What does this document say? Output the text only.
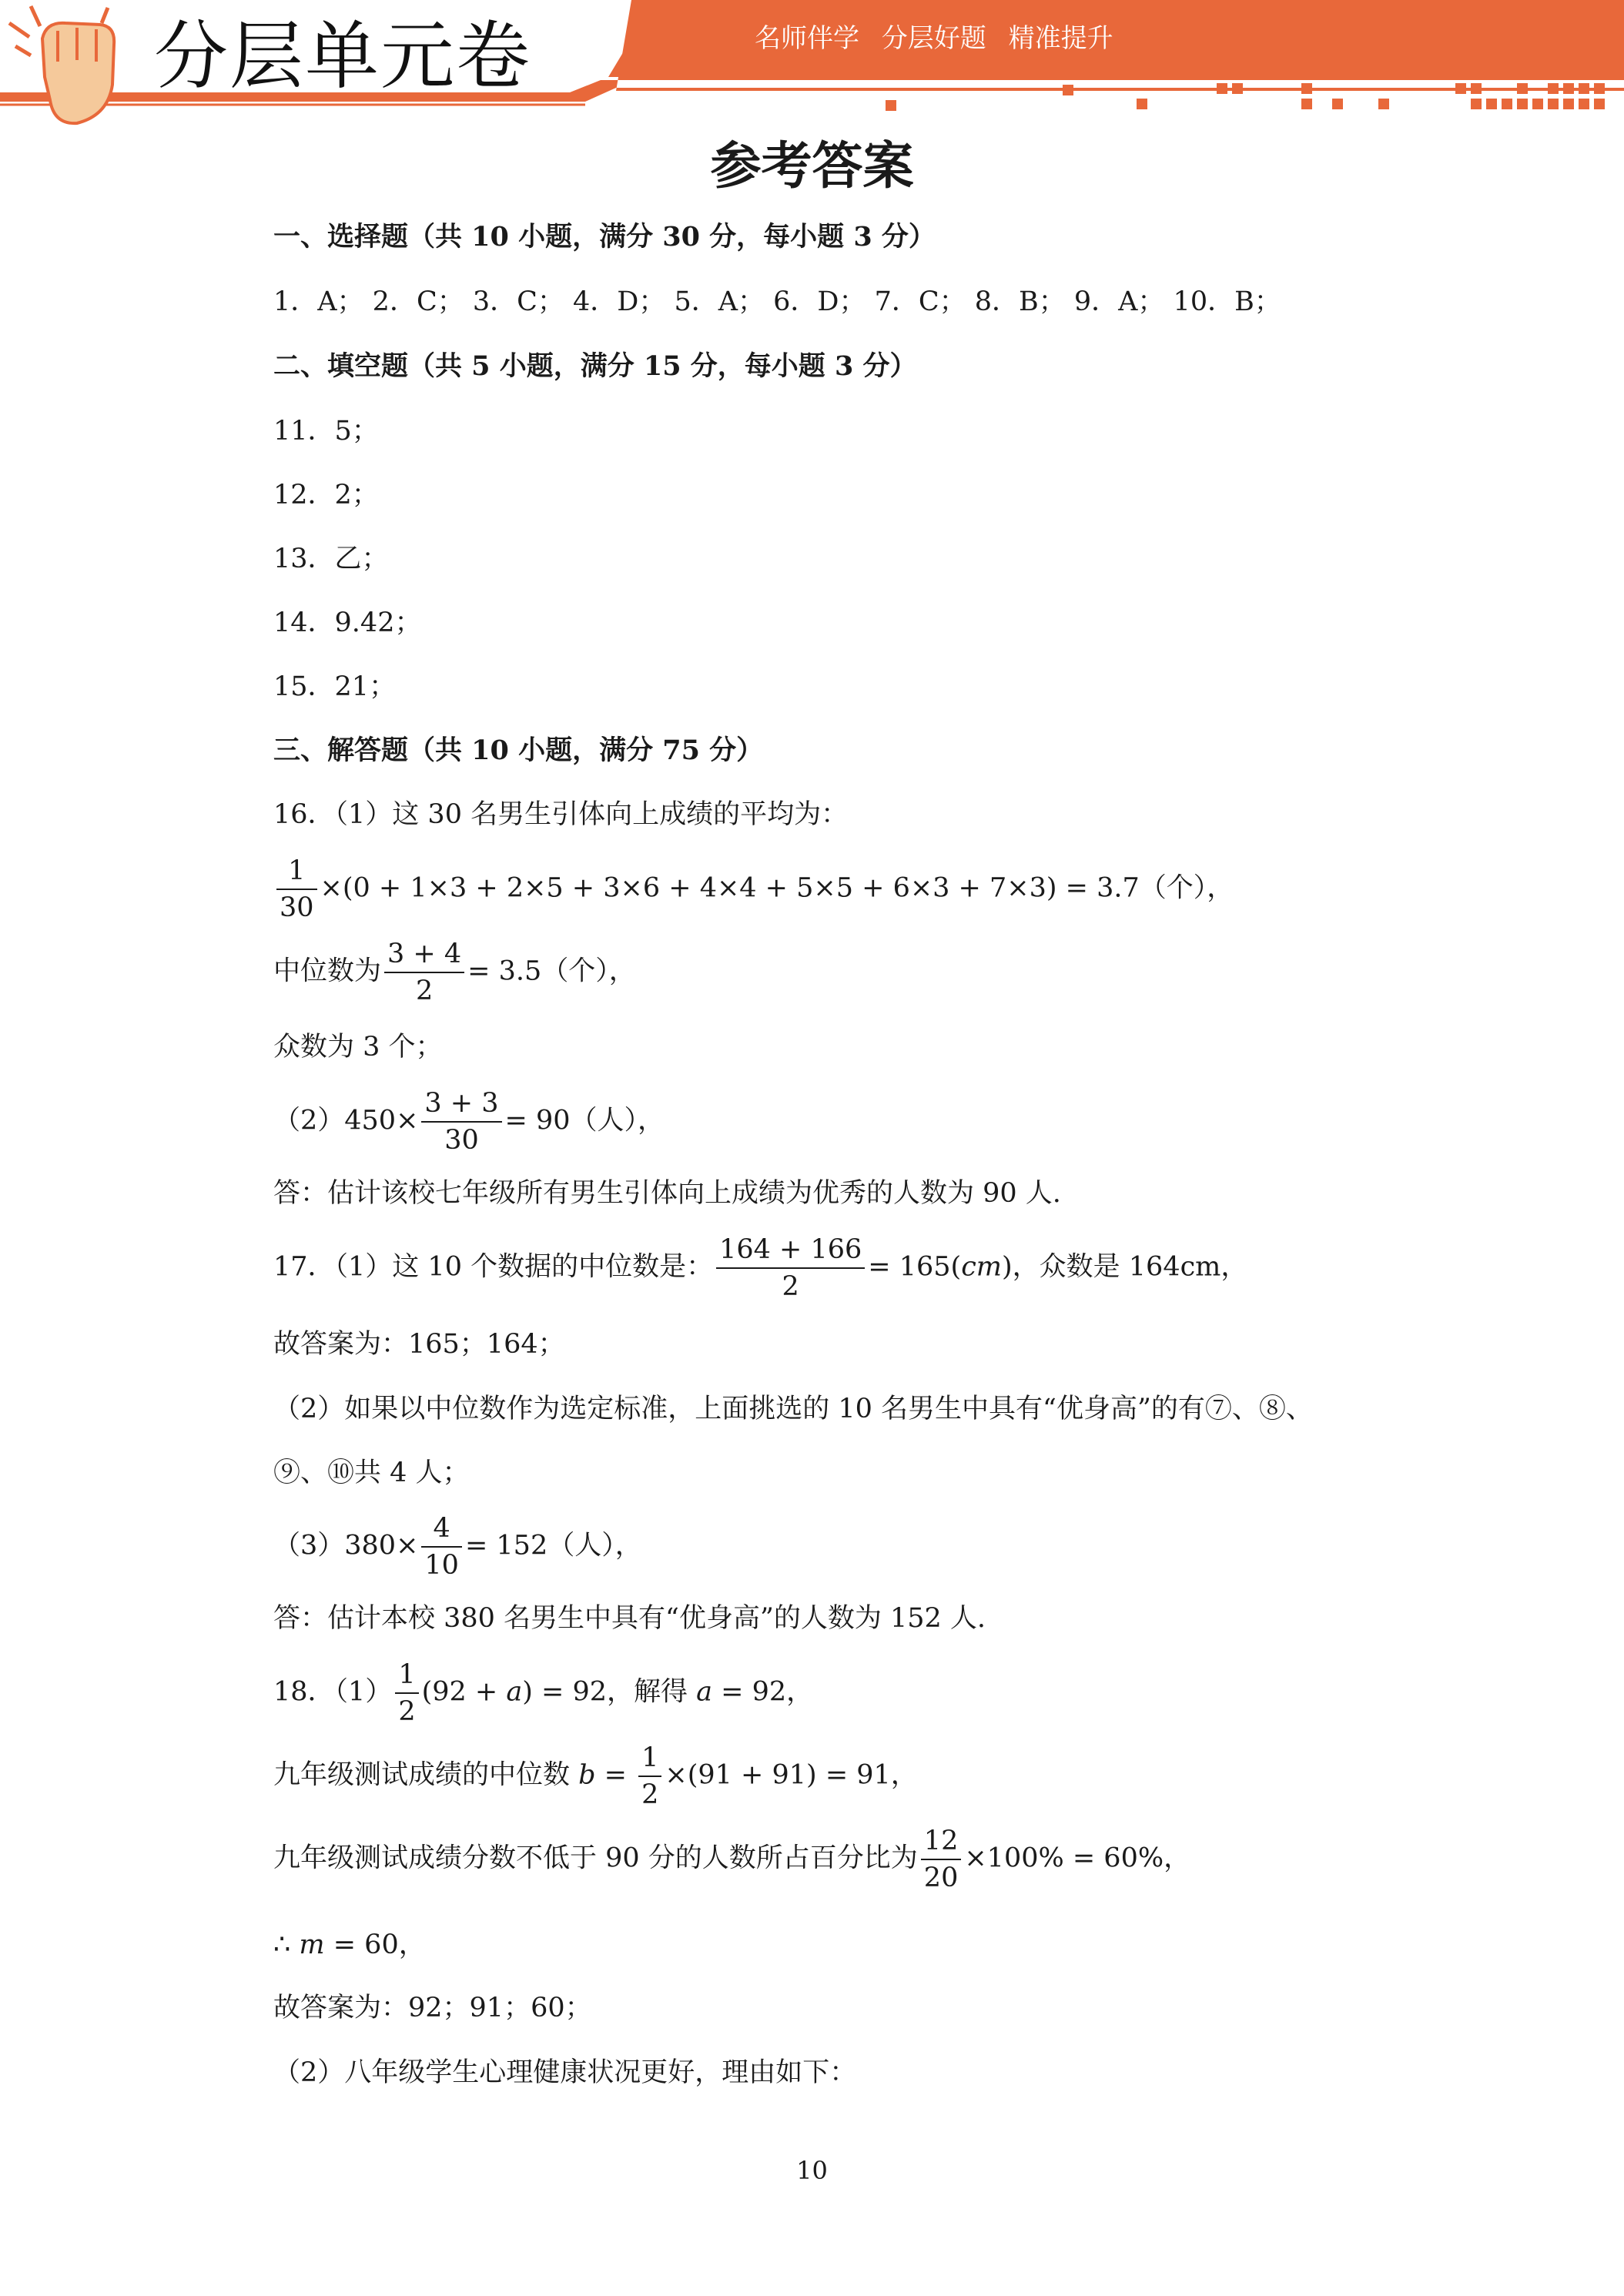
分层单元卷	名师伴学 分层好题 精准提升
参考答案
一、选择题（共 10 小题，满分 30 分，每小题 3 分）
1．A； 2．C； 3．C； 4．D； 5．A； 6．D； 7．C； 8．B； 9．A； 10．B；
二、填空题（共 5 小题，满分 15 分，每小题 3 分）
11．5；
12．2；
13．乙；
14．9.42；
15．21；
三、解答题（共 10 小题，满分 75 分）
16．（1）这 30 名男生引体向上成绩的平均为：
$\frac{1}{30} \times(0 + 1\times 3 + 2\times 5 + 3\times 6 + 4\times 4 + 5\times 5 + 6\times 3 + 7\times 3) = 3.7$（个），
中位数为 $\frac{3 + 4}{2} = 3.5$（个），
众数为 3 个；
$(2)450\times \frac{3 + 3}{30} = 90$（人），
答：估计该校七年级所有男生引体向上成绩为优秀的人数为 90 人.
17．（1）这 10 个数据的中位数是： $\frac{164 + 166}{2} = 165(cm)$，众数是 164cm，
故答案为：165；164；
（2）如果以中位数作为选定标准，上面挑选的 10 名男生中具有“优身高”的有⑦、⑧、
⑨、⑩共 4 人；
$(3)380\times \frac{4}{10} = 152$（人），
答：估计本校 380 名男生中具有“优身高”的人数为 152 人.
18．$(1) \frac{1}{2} (92 + a) = 92$，解得 a = 92，
九年级测试成绩的中位数 $b = \frac{1}{2} \times(91 + 91) = 91$，
九年级测试成绩分数不低于 90 分的人数所占百分比为 $\frac{12}{20} \times 100\% = 60\%$，
∴ m = 60，
故答案为：92；91；60；
（2）八年级学生心理健康状况更好，理由如下：
10
